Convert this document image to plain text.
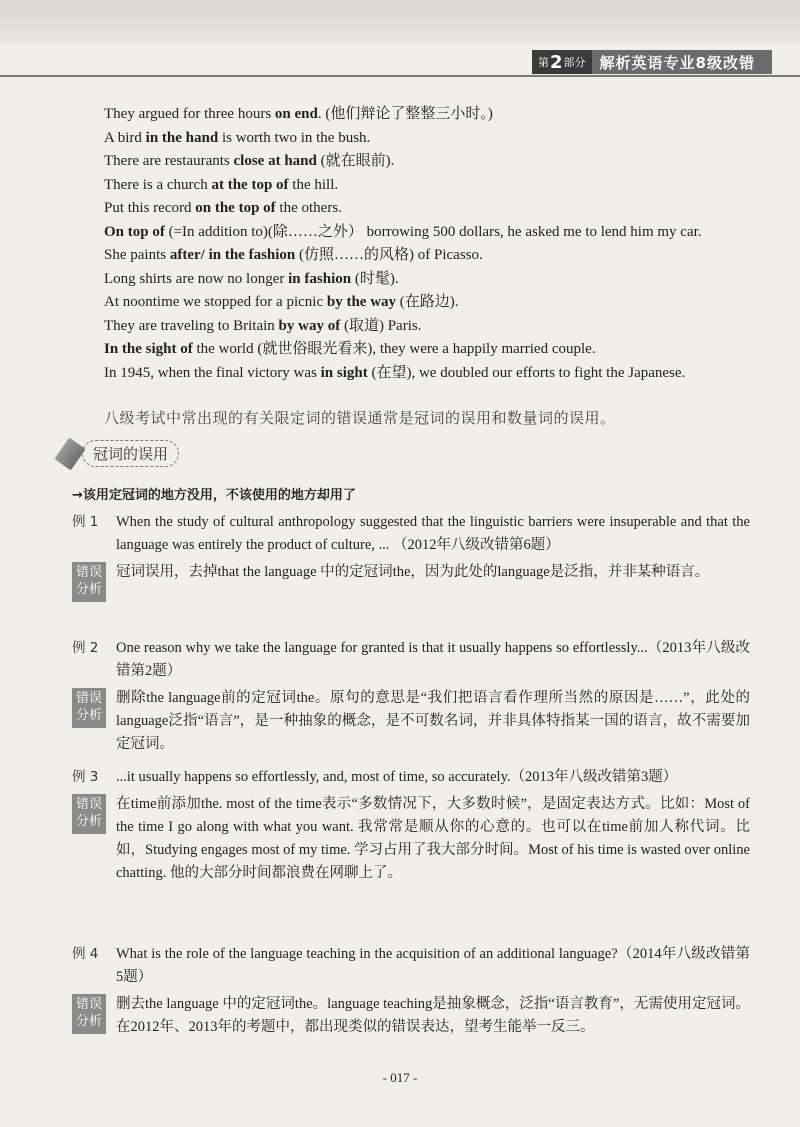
第 2 部分 解析英语专业8级改错
They argued for three hours on end. (他们辩论了整整三小时。)
A bird in the hand is worth two in the bush.
There are restaurants close at hand (就在眼前).
There is a church at the top of the hill.
Put this record on the top of the others.
On top of (=In addition to)(除……之外） borrowing 500 dollars, he asked me to lend him my car.
She paints after/ in the fashion (仿照……的风格) of Picasso.
Long shirts are now no longer in fashion (时髦).
At noontime we stopped for a picnic by the way (在路边).
They are traveling to Britain by way of (取道) Paris.
In the sight of the world (就世俗眼光看来), they were a happily married couple.
In 1945, when the final victory was in sight (在望), we doubled our efforts to fight the Japanese.
八级考试中常出现的有关限定词的错误通常是冠词的误用和数量词的误用。
冠词的误用
→该用定冠词的地方没用，不该使用的地方却用了
例 1	When the study of cultural anthropology suggested that the linguistic barriers were insuperable and that the language was entirely the product of culture, ... （2012年八级改错第6题）
错误
分析
冠词误用，去掉that the language 中的定冠词the，因为此处的language是泛指，并非某种语言。
例 2	One reason why we take the language for granted is that it usually happens so effortlessly...（2013年八级改错第2题）
错误
分析
删除the language前的定冠词the。原句的意思是“我们把语言看作理所当然的原因是……”，此处的language泛指“语言”，是一种抽象的概念，是不可数名词，并非具体特指某一国的语言，故不需要加定冠词。
例 3	...it usually happens so effortlessly, and, most of time, so accurately.（2013年八级改错第3题）
错误
分析
在time前添加the. most of the time表示“多数情况下，大多数时候”，是固定表达方式。比如：Most of the time I go along with what you want. 我常常是顺从你的心意的。也可以在time前加人称代词。比如，Studying engages most of my time. 学习占用了我大部分时间。Most of his time is wasted over online chatting. 他的大部分时间都浪费在网聊上了。
例 4	What is the role of the language teaching in the acquisition of an additional language?（2014年八级改错第5题）
错误
分析
删去the language 中的定冠词the。language teaching是抽象概念，泛指“语言教育”，无需使用定冠词。在2012年、2013年的考题中，都出现类似的错误表达，望考生能举一反三。
- 017 -
